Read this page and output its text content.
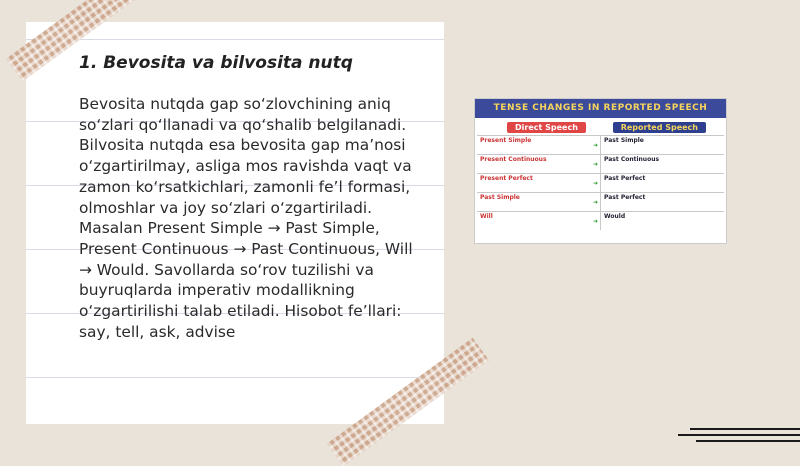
1. Bevosita va bilvosita nutq
Bevosita nutqda gap so‘zlovchining aniq so‘zlari qo‘llanadi va qo‘shalib belgilanadi. Bilvosita nutqda esa bevosita gap ma’nosi o‘zgartirilmay, asliga mos ravishda vaqt va zamon ko‘rsatkichlari, zamonli fe’l formasi, olmoshlar va joy so‘zlari o‘zgartiriladi. Masalan Present Simple → Past Simple, Present Continuous → Past Continuous, Will → Would. Savollarda so‘rov tuzilishi va buyruqlarda imperativ modallikning o‘zgartirilishi talab etiladi. Hisobot fe’llari: say, tell, ask, advise
TENSE CHANGES IN REPORTED SPEECH
Direct Speech	Reported Speech
Present Simple
➜
Past Simple
Present Continuous
➜
Past Continuous
Present Perfect
➜
Past Perfect
Past Simple
➜
Past Perfect
Will
➜
Would
